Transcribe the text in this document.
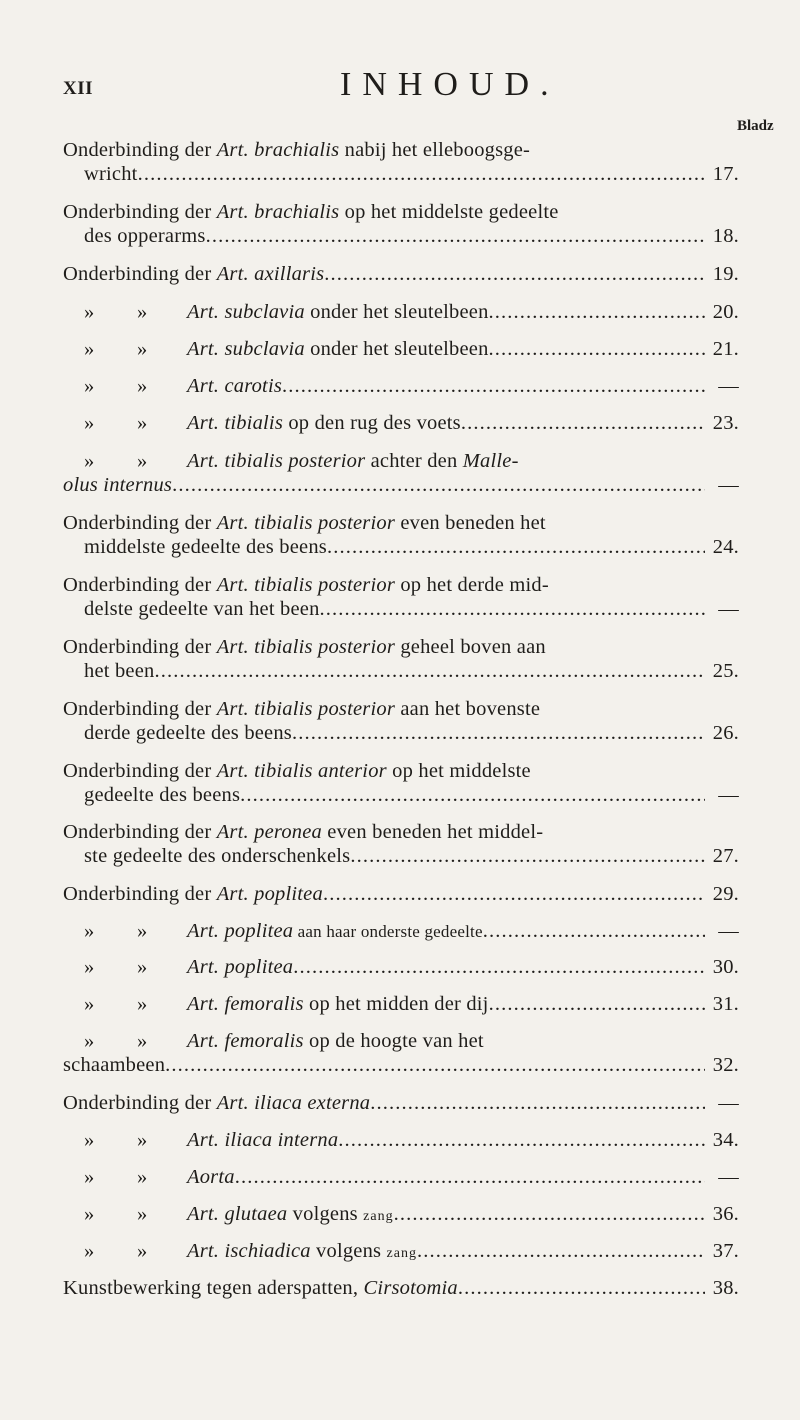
XII	INHOUD.
Bladz
Onderbinding der Art. brachialis nabij het elleboogsge-
wricht . . .	17.
Onderbinding der Art. brachialis op het middelste gedeelte
des opperarms . . .	18.
Onderbinding der Art. axillaris . . .	19.
» » Art. subclavia onder het sleutelbeen . . .	20.
» » Art. subclavia onder het sleutelbeen . . .	21.
» » Art. carotis . . .	—
» » Art. tibialis op den rug des voets . . .	23.
» » Art. tibialis posterior achter den Malle-
olus internus . . .	—
Onderbinding der Art. tibialis posterior even beneden het
middelste gedeelte des beens . . .	24.
Onderbinding der Art. tibialis posterior op het derde mid-
delste gedeelte van het been . . .	—
Onderbinding der Art. tibialis posterior geheel boven aan
het been . . .	25.
Onderbinding der Art. tibialis posterior aan het bovenste
derde gedeelte des beens . . .	26.
Onderbinding der Art. tibialis anterior op het middelste
gedeelte des beens . . .	—
Onderbinding der Art. peronea even beneden het middel-
ste gedeelte des onderschenkels . . .	27.
Onderbinding der Art. poplitea . . .	29.
» » Art. poplitea aan haar onderste gedeelte . . .	—
» » Art. poplitea . . .	30.
» » Art. femoralis op het midden der dij . . .	31.
» » Art. femoralis op de hoogte van het
schaambeen . . .	32.
Onderbinding der Art. iliaca externa . . .	—
» » Art. iliaca interna . . .	34.
» » Aorta . . .	—
» » Art. glutaea volgens zang . . .	36.
» » Art. ischiadica volgens zang . . .	37.
Kunstbewerking tegen aderspatten, Cirsotomia . . .	38.
